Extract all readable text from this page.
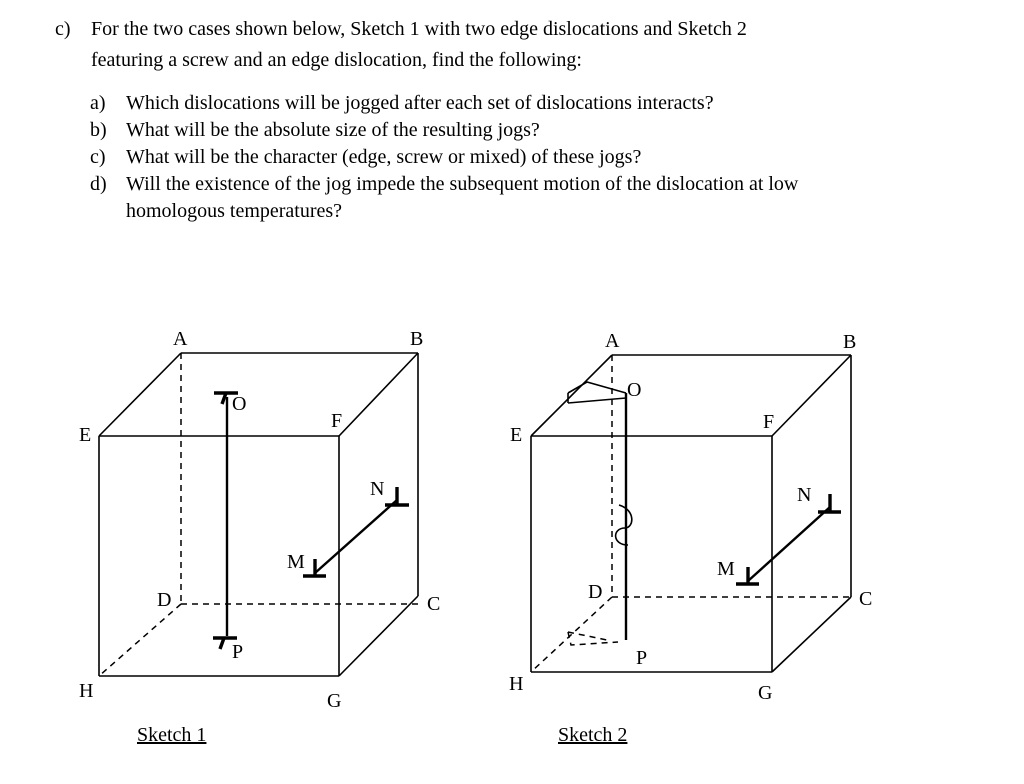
c) For the two cases shown below, Sketch 1 with two edge dislocations and Sketch 2
featuring a screw and an edge dislocation, find the following:
a) Which dislocations will be jogged after each set of dislocations interacts?
b) What will be the absolute size of the resulting jogs?
c) What will be the character (edge, screw or mixed) of these jogs?
d) Will the existence of the jog impede the subsequent motion of the dislocation at low
homologous temperatures?
A	B
C
D
E
F
G
H
O
P
M
N
Sketch 1
A	B
C
D
E
F
G
H
O
P
M
N
Sketch 2
